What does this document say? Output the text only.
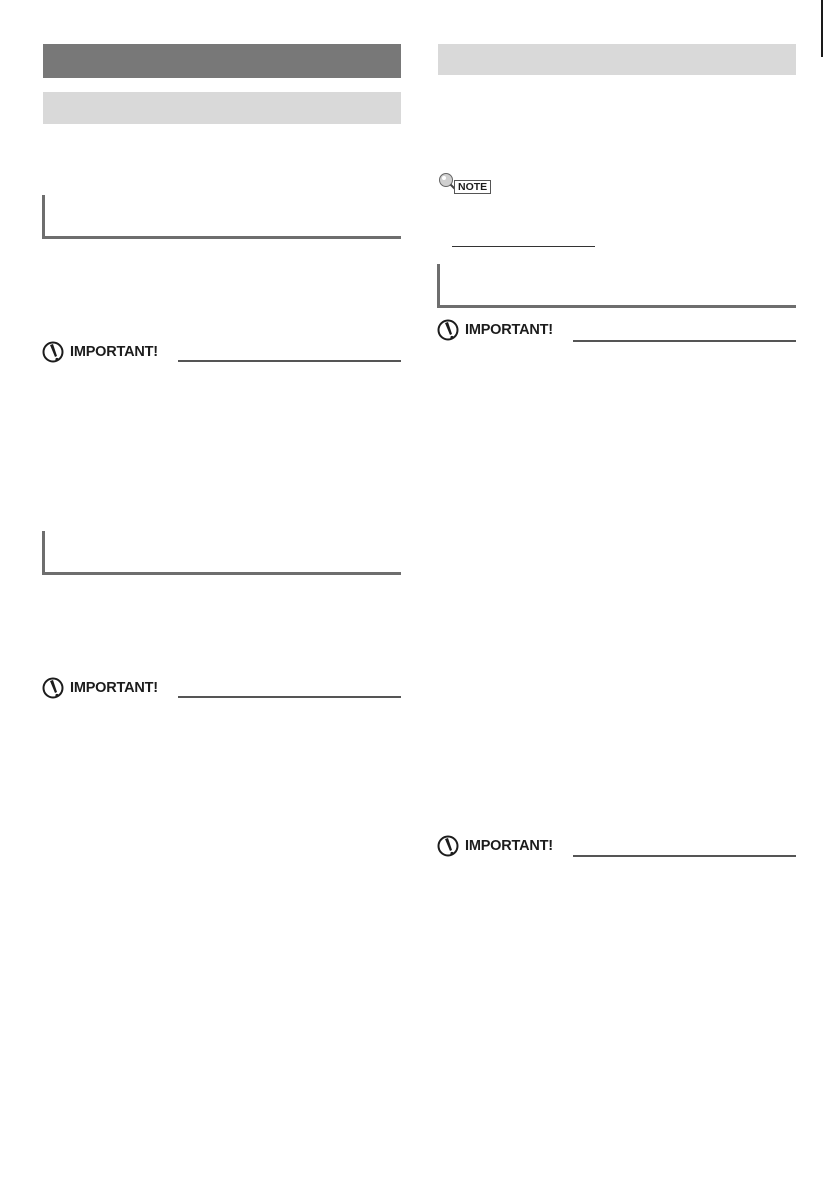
IMPORTANT!
IMPORTANT!
NOTE
IMPORTANT!
IMPORTANT!
